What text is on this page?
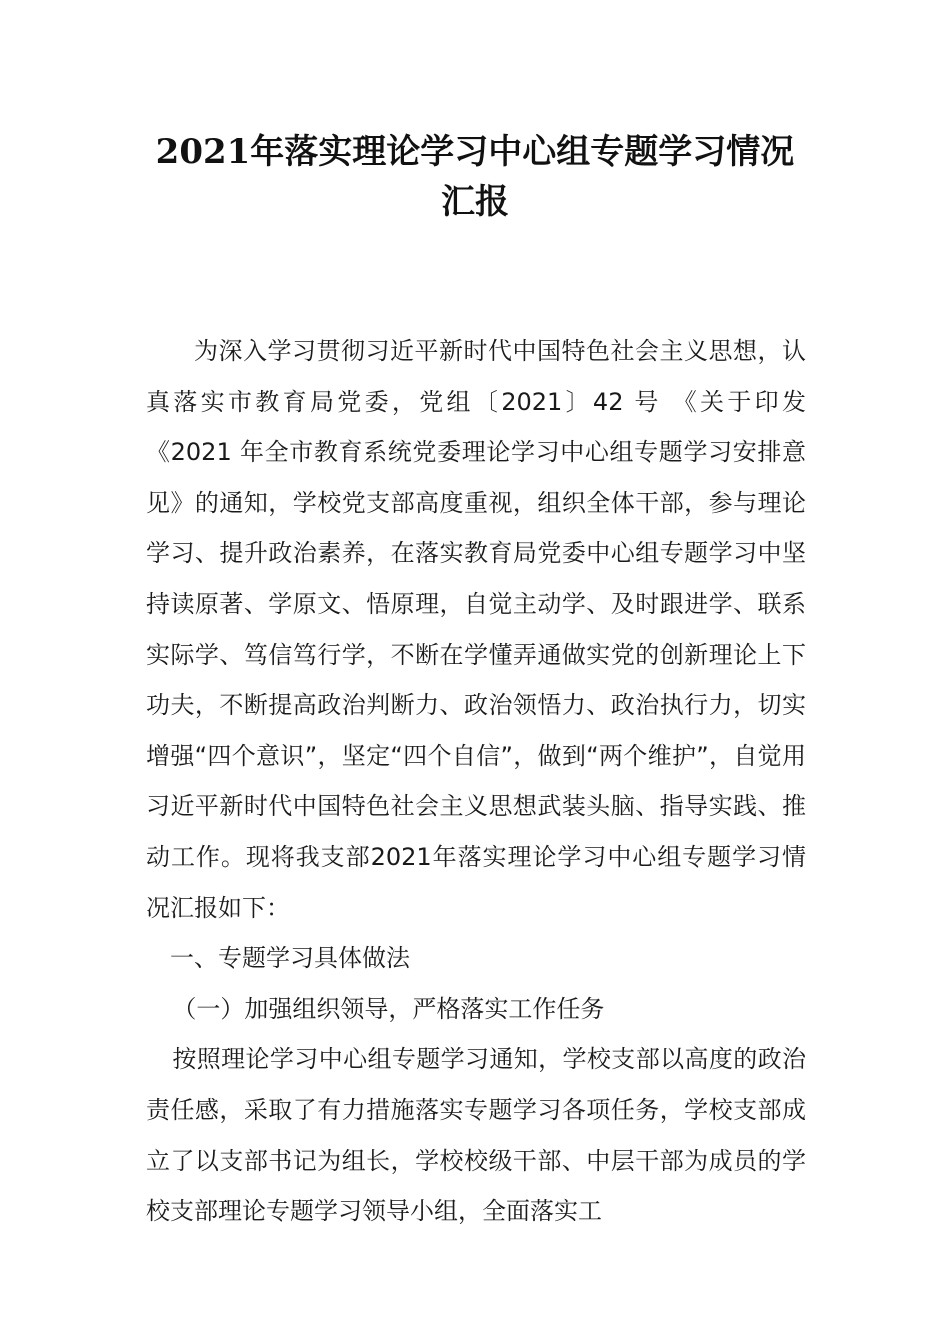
2021年落实理论学习中心组专题学习情况
汇报

为深入学习贯彻习近平新时代中国特色社会主义思想，认真落实市教育局党委，党组〔2021〕42 号 《关于印发《2021 年全市教育系统党委理论学习中心组专题学习安排意见》的通知，学校党支部高度重视，组织全体干部，参与理论学习、提升政治素养，在落实教育局党委中心组专题学习中坚持读原著、学原文、悟原理，自觉主动学、及时跟进学、联系实际学、笃信笃行学，不断在学懂弄通做实党的创新理论上下功夫，不断提高政治判断力、政治领悟力、政治执行力，切实增强“四个意识”，坚定“四个自信”，做到“两个维护”，自觉用习近平新时代中国特色社会主义思想武装头脑、指导实践、推动工作。现将我支部2021年落实理论学习中心组专题学习情况汇报如下：

一、专题学习具体做法

（一）加强组织领导，严格落实工作任务

按照理论学习中心组专题学习通知，学校支部以高度的政治责任感，采取了有力措施落实专题学习各项任务，学校支部成立了以支部书记为组长，学校校级干部、中层干部为成员的学校支部理论专题学习领导小组，全面落实工
